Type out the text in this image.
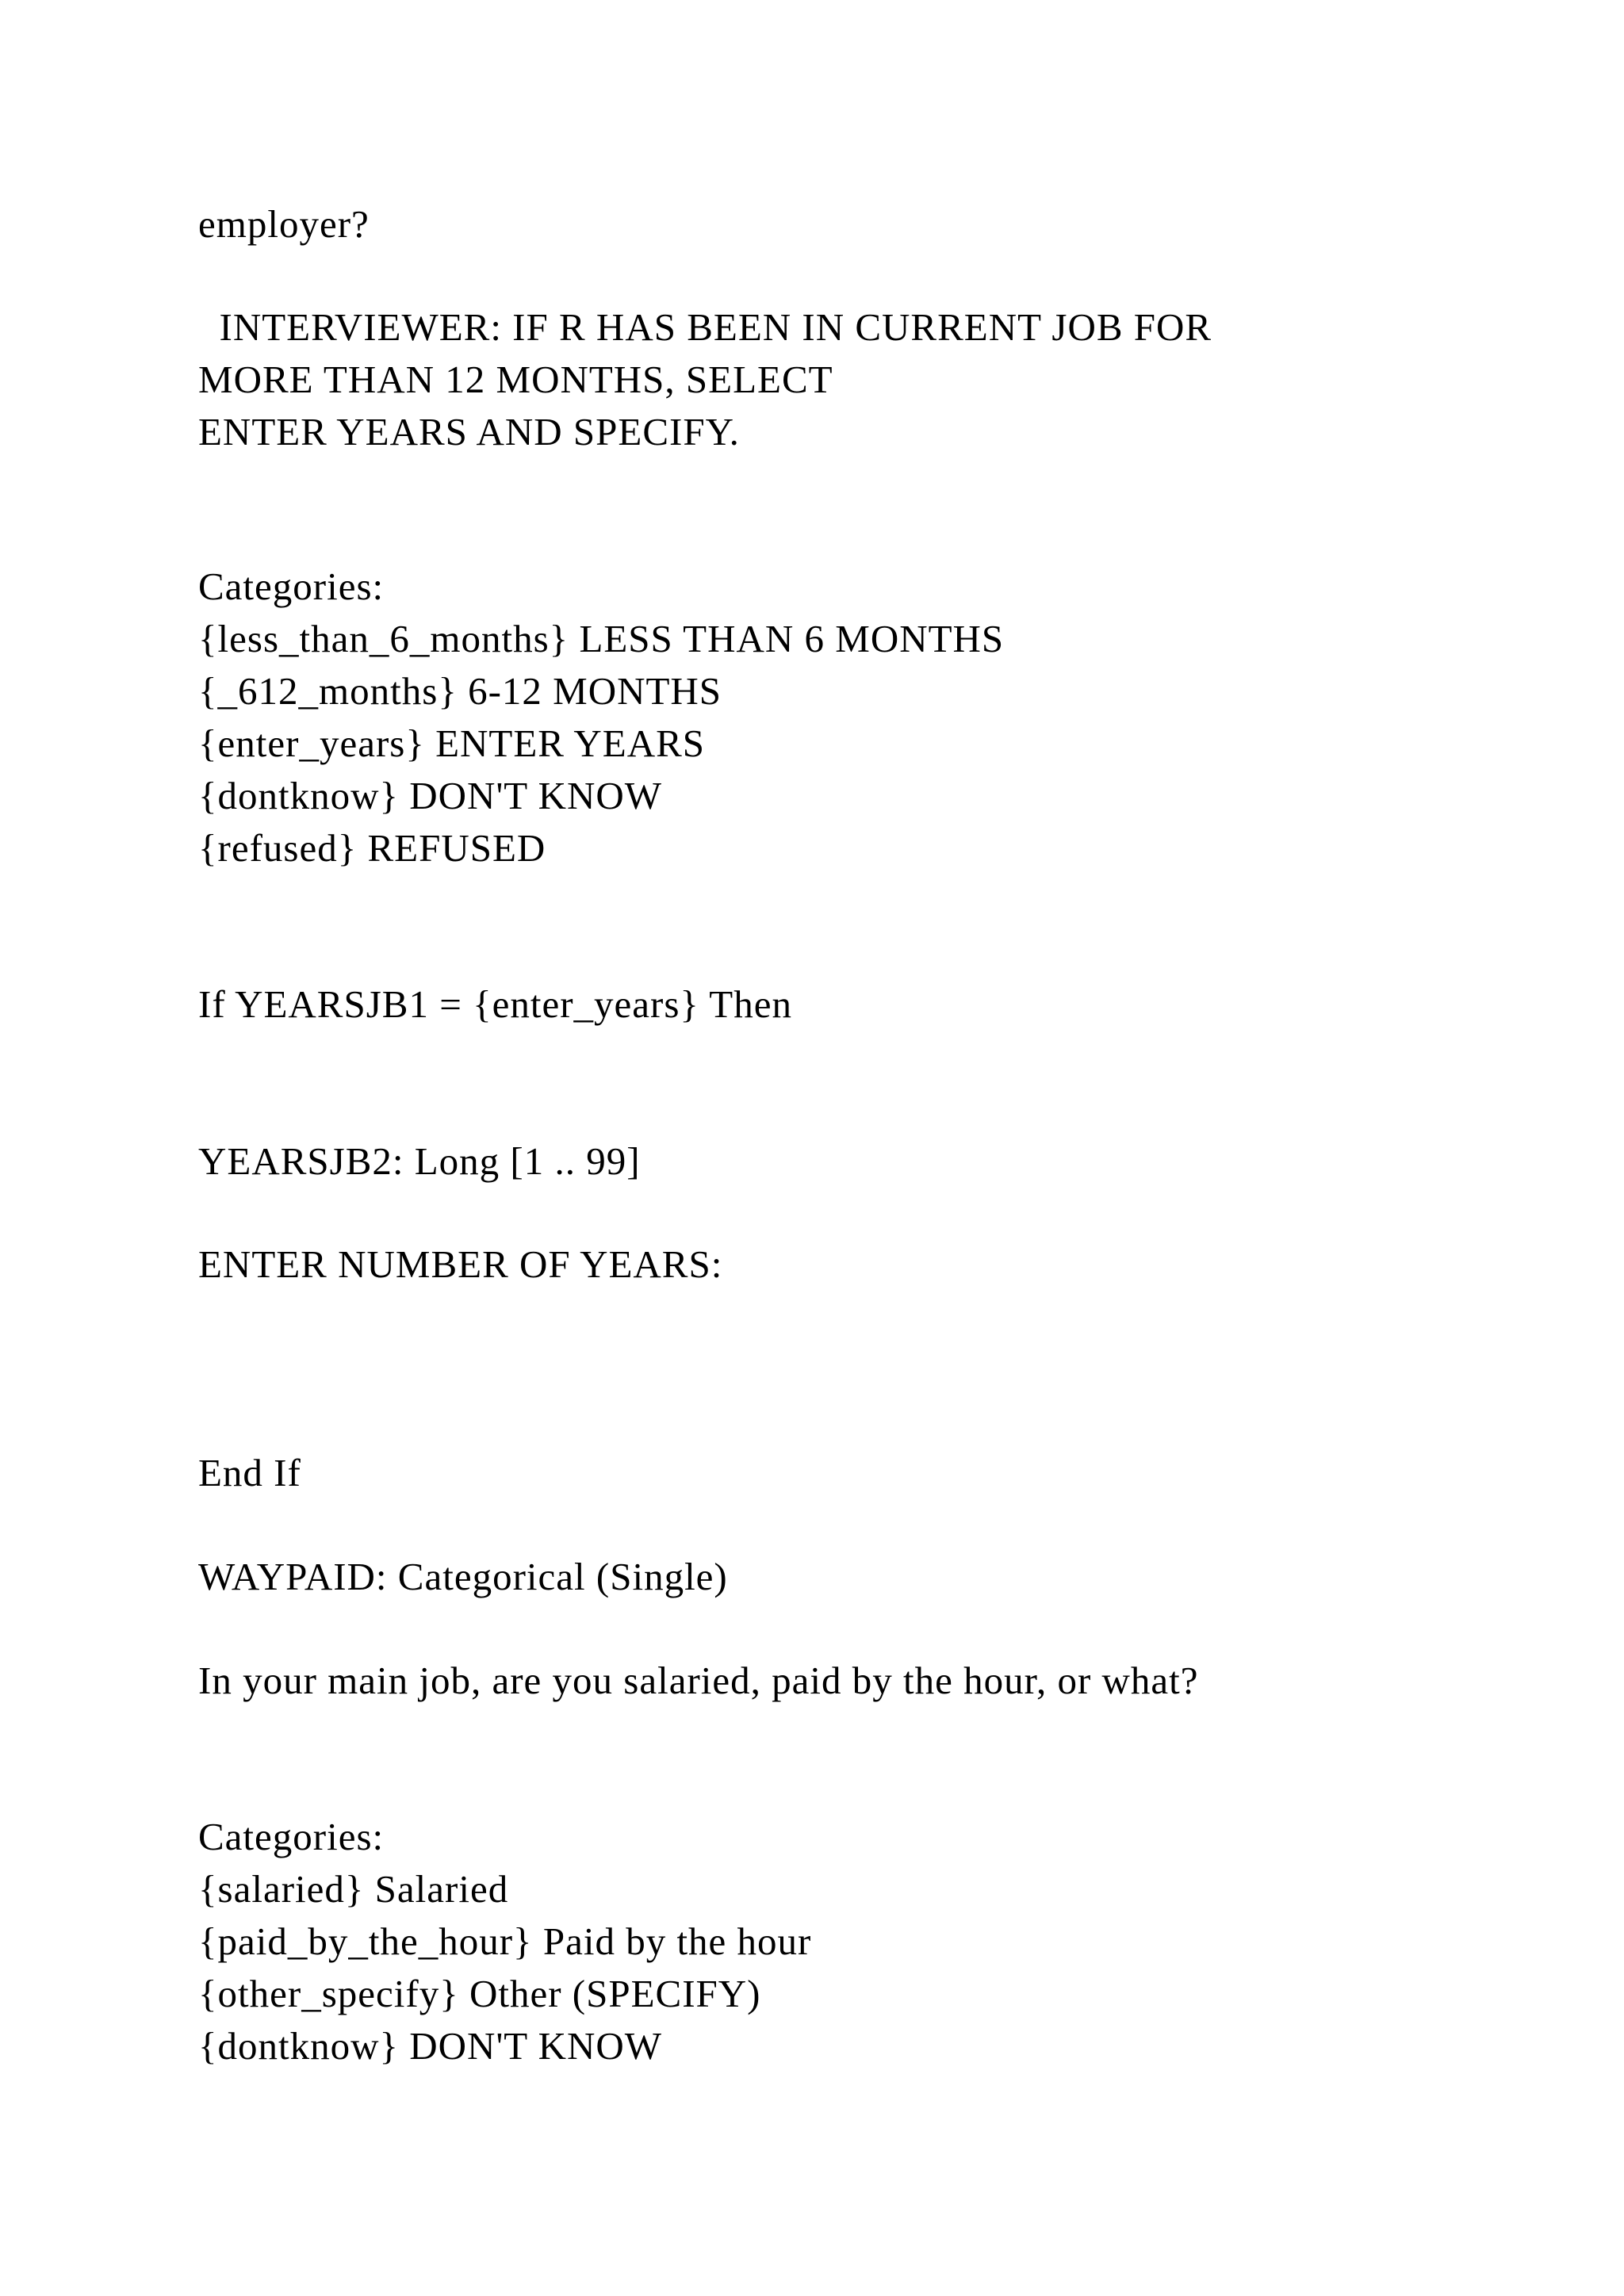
employer?
INTERVIEWER: IF R HAS BEEN IN CURRENT JOB FOR
MORE THAN 12 MONTHS, SELECT
ENTER YEARS AND SPECIFY.
Categories:
{less_than_6_months} LESS THAN 6 MONTHS
{_612_months} 6-12 MONTHS
{enter_years} ENTER YEARS
{dontknow} DON'T KNOW
{refused} REFUSED
If YEARSJB1 = {enter_years} Then
YEARSJB2: Long [1 .. 99]
ENTER NUMBER OF YEARS:
End If
WAYPAID: Categorical (Single)
In your main job, are you salaried, paid by the hour, or what?
Categories:
{salaried} Salaried
{paid_by_the_hour} Paid by the hour
{other_specify} Other (SPECIFY)
{dontknow} DON'T KNOW
